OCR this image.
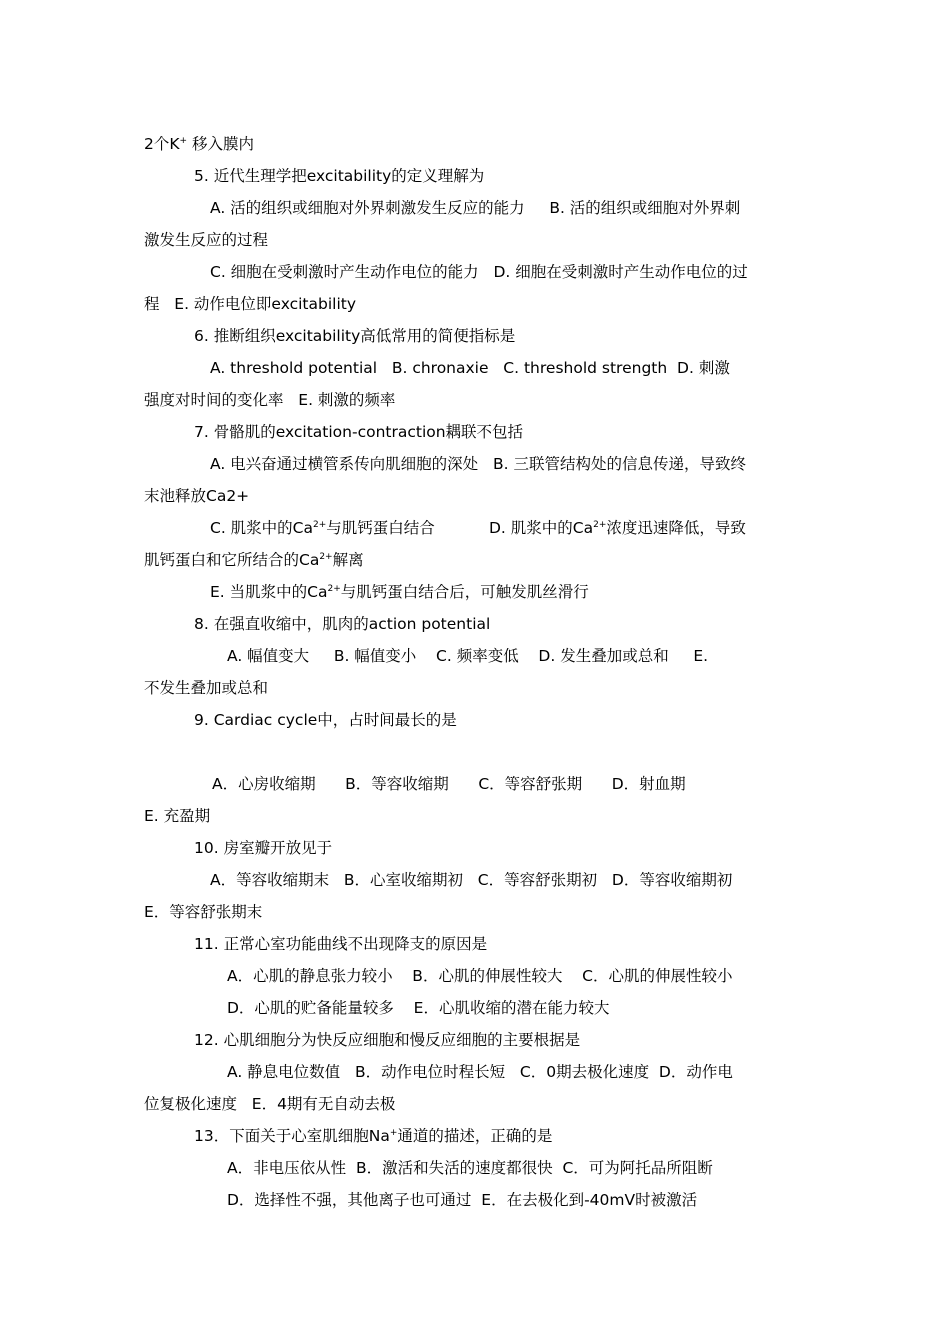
2个K+ 移入膜内
5. 近代生理学把excitability的定义理解为
A. 活的组织或细胞对外界刺激发生反应的能力     B. 活的组织或细胞对外界刺
激发生反应的过程
C. 细胞在受刺激时产生动作电位的能力   D. 细胞在受刺激时产生动作电位的过
程   E. 动作电位即excitability
6. 推断组织excitability高低常用的简便指标是
A. threshold potential   B. chronaxie   C. threshold strength  D. 刺激
强度对时间的变化率   E. 刺激的频率
7. 骨骼肌的excitation-contraction耦联不包括
A. 电兴奋通过横管系传向肌细胞的深处   B. 三联管结构处的信息传递，导致终
末池释放Ca2+
C. 肌浆中的$Ca^{2+}$与肌钙蛋白结合           D. 肌浆中的$Ca^{2+}$浓度迅速降低，导致
肌钙蛋白和它所结合的$Ca^{2+}$解离
E. 当肌浆中的$Ca^{2+}$与肌钙蛋白结合后，可触发肌丝滑行
8. 在强直收缩中，肌肉的action potential
A. 幅值变大     B. 幅值变小    C. 频率变低    D. 发生叠加或总和     E.
不发生叠加或总和
9. Cardiac cycle中，占时间最长的是
A．心房收缩期      B．等容收缩期      C．等容舒张期      D．射血期
E. 充盈期
10. 房室瓣开放见于
A．等容收缩期末   B．心室收缩期初   C．等容舒张期初   D．等容收缩期初
E．等容舒张期末
11. 正常心室功能曲线不出现降支的原因是
A．心肌的静息张力较小    B．心肌的伸展性较大    C．心肌的伸展性较小
D．心肌的贮备能量较多    E．心肌收缩的潜在能力较大
12. 心肌细胞分为快反应细胞和慢反应细胞的主要根据是
A. 静息电位数值   B．动作电位时程长短   C．0期去极化速度  D．动作电
位复极化速度   E．4期有无自动去极
13．下面关于心室肌细胞Na+通道的描述，正确的是
A．非电压依从性  B．激活和失活的速度都很快  C．可为阿托品所阻断
D．选择性不强，其他离子也可通过  E．在去极化到-40mV时被激活
